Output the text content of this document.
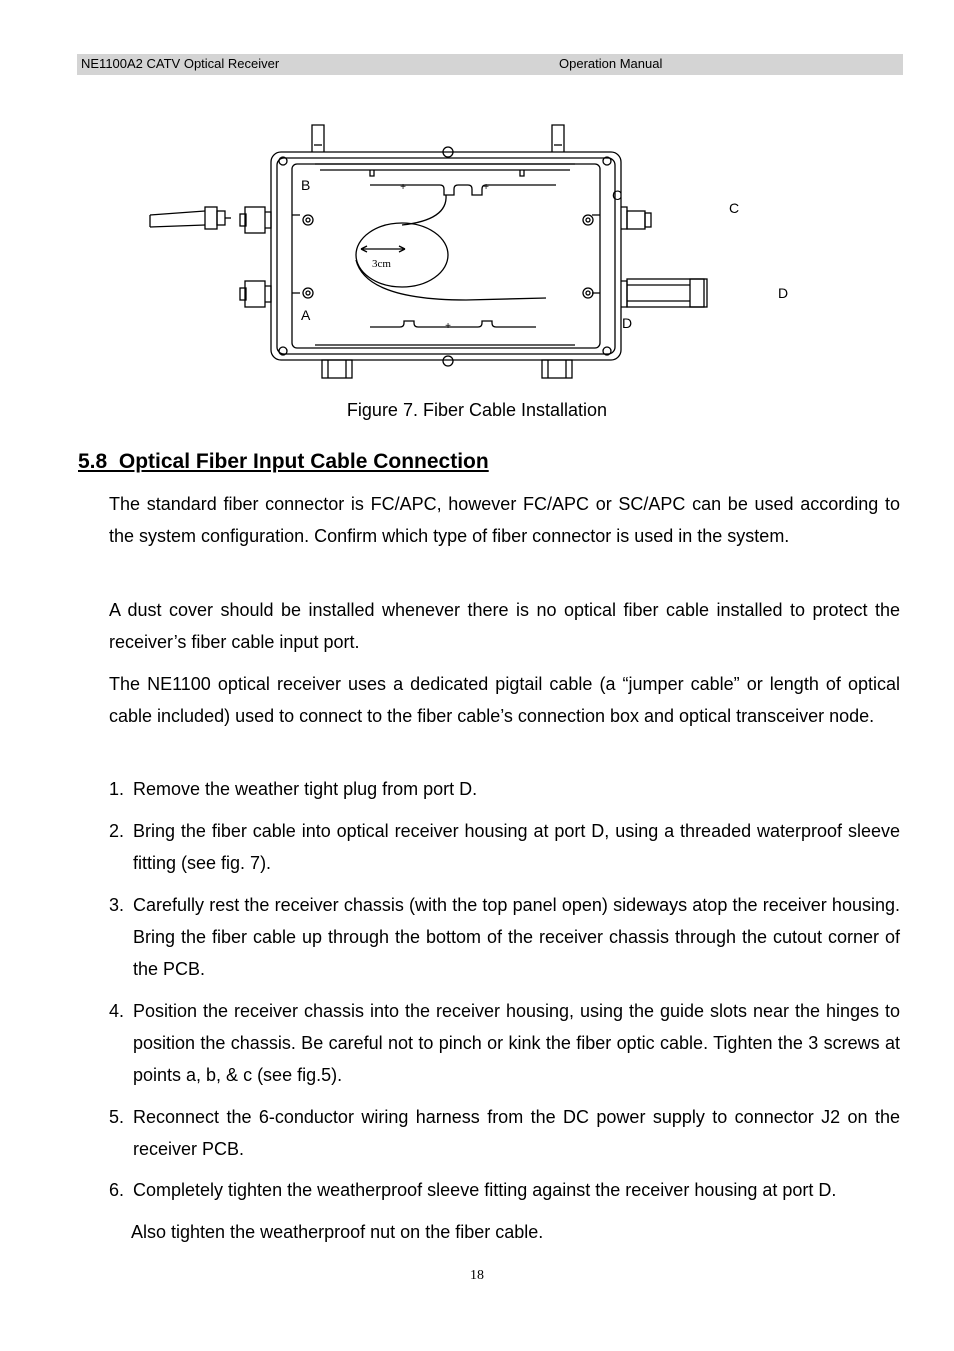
NE1100A2 CATV Optical Receiver	Operation Manual
+	+
+
B
A
C
D
C
D
3cm
Figure 7. Fiber Cable Installation
5.8  Optical Fiber Input Cable Connection

The standard fiber connector is FC/APC, however FC/APC or SC/APC can be used according to the system configuration. Confirm which type of fiber connector is used in the system.

A dust cover should be installed whenever there is no optical fiber cable installed to protect the receiver’s fiber cable input port.

The NE1100 optical receiver uses a dedicated pigtail cable (a “jumper cable” or length of optical cable included) used to connect to the fiber cable’s connection box and optical transceiver node.

1. Remove the weather tight plug from port D.
2. Bring the fiber cable into optical receiver housing at port D, using a threaded waterproof sleeve fitting (see fig. 7).
3. Carefully rest the receiver chassis (with the top panel open) sideways atop the receiver housing. Bring the fiber cable up through the bottom of the receiver chassis through the cutout corner of the PCB.
4. Position the receiver chassis into the receiver housing, using the guide slots near the hinges to position the chassis. Be careful not to pinch or kink the fiber optic cable. Tighten the 3 screws at points a, b, & c (see fig.5).
5. Reconnect the 6-conductor wiring harness from the DC power supply to connector J2 on the receiver PCB.
6. Completely tighten the weatherproof sleeve fitting against the receiver housing at port D.
Also tighten the weatherproof nut on the fiber cable.
18
